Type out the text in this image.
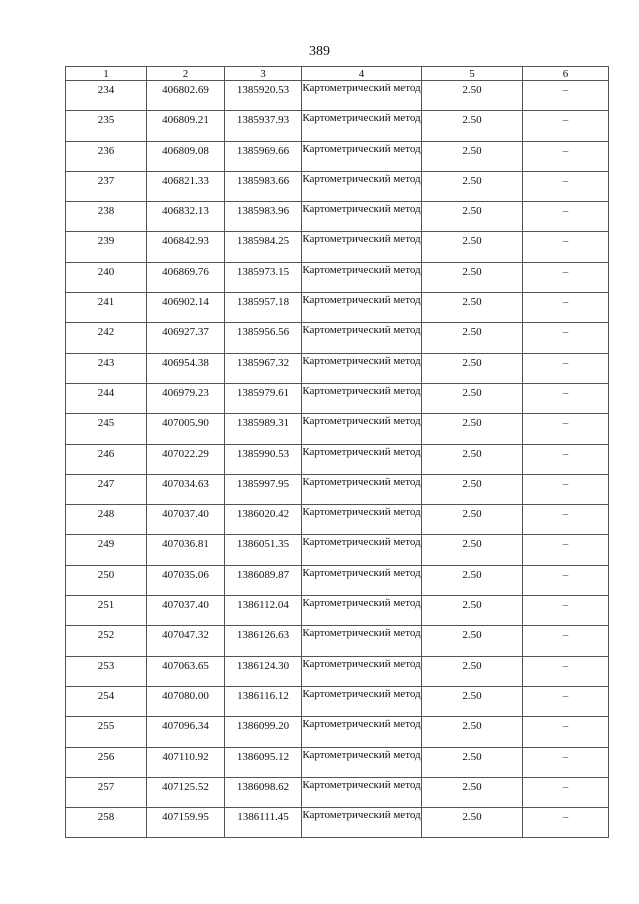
389
1	2	3	4	5	6
234	406802.69	1385920.53	Картометрический метод	2.50	–
235	406809.21	1385937.93	Картометрический метод	2.50	–
236	406809.08	1385969.66	Картометрический метод	2.50	–
237	406821.33	1385983.66	Картометрический метод	2.50	–
238	406832.13	1385983.96	Картометрический метод	2.50	–
239	406842.93	1385984.25	Картометрический метод	2.50	–
240	406869.76	1385973.15	Картометрический метод	2.50	–
241	406902.14	1385957.18	Картометрический метод	2.50	–
242	406927.37	1385956.56	Картометрический метод	2.50	–
243	406954.38	1385967.32	Картометрический метод	2.50	–
244	406979.23	1385979.61	Картометрический метод	2.50	–
245	407005.90	1385989.31	Картометрический метод	2.50	–
246	407022.29	1385990.53	Картометрический метод	2.50	–
247	407034.63	1385997.95	Картометрический метод	2.50	–
248	407037.40	1386020.42	Картометрический метод	2.50	–
249	407036.81	1386051.35	Картометрический метод	2.50	–
250	407035.06	1386089.87	Картометрический метод	2.50	–
251	407037.40	1386112.04	Картометрический метод	2.50	–
252	407047.32	1386126.63	Картометрический метод	2.50	–
253	407063.65	1386124.30	Картометрический метод	2.50	–
254	407080.00	1386116.12	Картометрический метод	2.50	–
255	407096.34	1386099.20	Картометрический метод	2.50	–
256	407110.92	1386095.12	Картометрический метод	2.50	–
257	407125.52	1386098.62	Картометрический метод	2.50	–
258	407159.95	1386111.45	Картометрический метод	2.50	–
